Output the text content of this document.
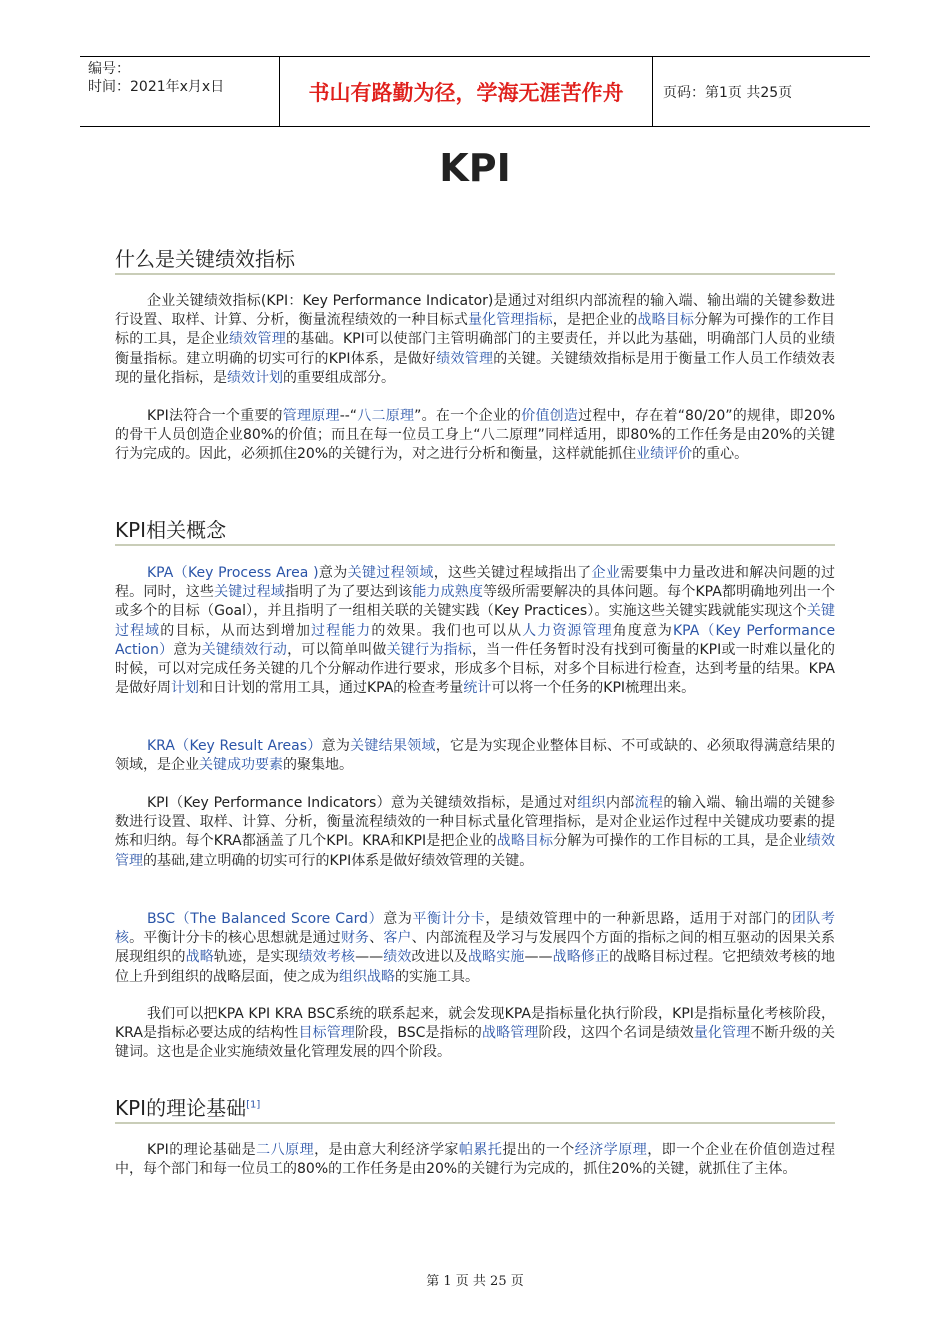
编号：
时间：2021年x月x日	书山有路勤为径，学海无涯苦作舟	页码：第1页 共25页
KPI
什么是关键绩效指标
企业关键绩效指标(KPI：Key Performance Indicator)是通过对组织内部流程的输入端、输出端的关键参数进行设置、取样、计算、分析，衡量流程绩效的一种目标式量化管理指标，是把企业的战略目标分解为可操作的工作目标的工具，是企业绩效管理的基础。KPI可以使部门主管明确部门的主要责任，并以此为基础，明确部门人员的业绩衡量指标。建立明确的切实可行的KPI体系，是做好绩效管理的关键。关键绩效指标是用于衡量工作人员工作绩效表现的量化指标，是绩效计划的重要组成部分。
KPI法符合一个重要的管理原理--“八二原理”。在一个企业的价值创造过程中，存在着“80/20”的规律，即20%的骨干人员创造企业80%的价值；而且在每一位员工身上“八二原理”同样适用，即80%的工作任务是由20%的关键行为完成的。因此，必须抓住20%的关键行为，对之进行分析和衡量，这样就能抓住业绩评价的重心。
KPI相关概念
KPA（Key Process Area )意为关键过程领域，这些关键过程域指出了企业需要集中力量改进和解决问题的过程。同时，这些关键过程域指明了为了要达到该能力成熟度等级所需要解决的具体问题。每个KPA都明确地列出一个或多个的目标（Goal），并且指明了一组相关联的关键实践（Key Practices）。实施这些关键实践就能实现这个关键过程域的目标，从而达到增加过程能力的效果。我们也可以从人力资源管理角度意为KPA（Key Performance Action）意为关键绩效行动，可以简单叫做关键行为指标，当一件任务暂时没有找到可衡量的KPI或一时难以量化的时候，可以对完成任务关键的几个分解动作进行要求，形成多个目标，对多个目标进行检查，达到考量的结果。KPA是做好周计划和日计划的常用工具，通过KPA的检查考量统计可以将一个任务的KPI梳理出来。
KRA（Key Result Areas）意为关键结果领域，它是为实现企业整体目标、不可或缺的、必须取得满意结果的领域，是企业关键成功要素的聚集地。
KPI（Key Performance Indicators）意为关键绩效指标，是通过对组织内部流程的输入端、输出端的关键参数进行设置、取样、计算、分析，衡量流程绩效的一种目标式量化管理指标，是对企业运作过程中关键成功要素的提炼和归纳。每个KRA都涵盖了几个KPI。KRA和KPI是把企业的战略目标分解为可操作的工作目标的工具，是企业绩效管理的基础,建立明确的切实可行的KPI体系是做好绩效管理的关键。
BSC（The Balanced Score Card）意为平衡计分卡，是绩效管理中的一种新思路，适用于对部门的团队考核。平衡计分卡的核心思想就是通过财务、客户、内部流程及学习与发展四个方面的指标之间的相互驱动的因果关系展现组织的战略轨迹，是实现绩效考核——绩效改进以及战略实施——战略修正的战略目标过程。它把绩效考核的地位上升到组织的战略层面，使之成为组织战略的实施工具。
我们可以把KPA KPI KRA BSC系统的联系起来，就会发现KPA是指标量化执行阶段，KPI是指标量化考核阶段，KRA是指标必要达成的结构性目标管理阶段，BSC是指标的战略管理阶段，这四个名词是绩效量化管理不断升级的关键词。这也是企业实施绩效量化管理发展的四个阶段。
KPI的理论基础[1]
KPI的理论基础是二八原理，是由意大利经济学家帕累托提出的一个经济学原理，即一个企业在价值创造过程中，每个部门和每一位员工的80%的工作任务是由20%的关键行为完成的，抓住20%的关键，就抓住了主体。
第 1 页 共 25 页
